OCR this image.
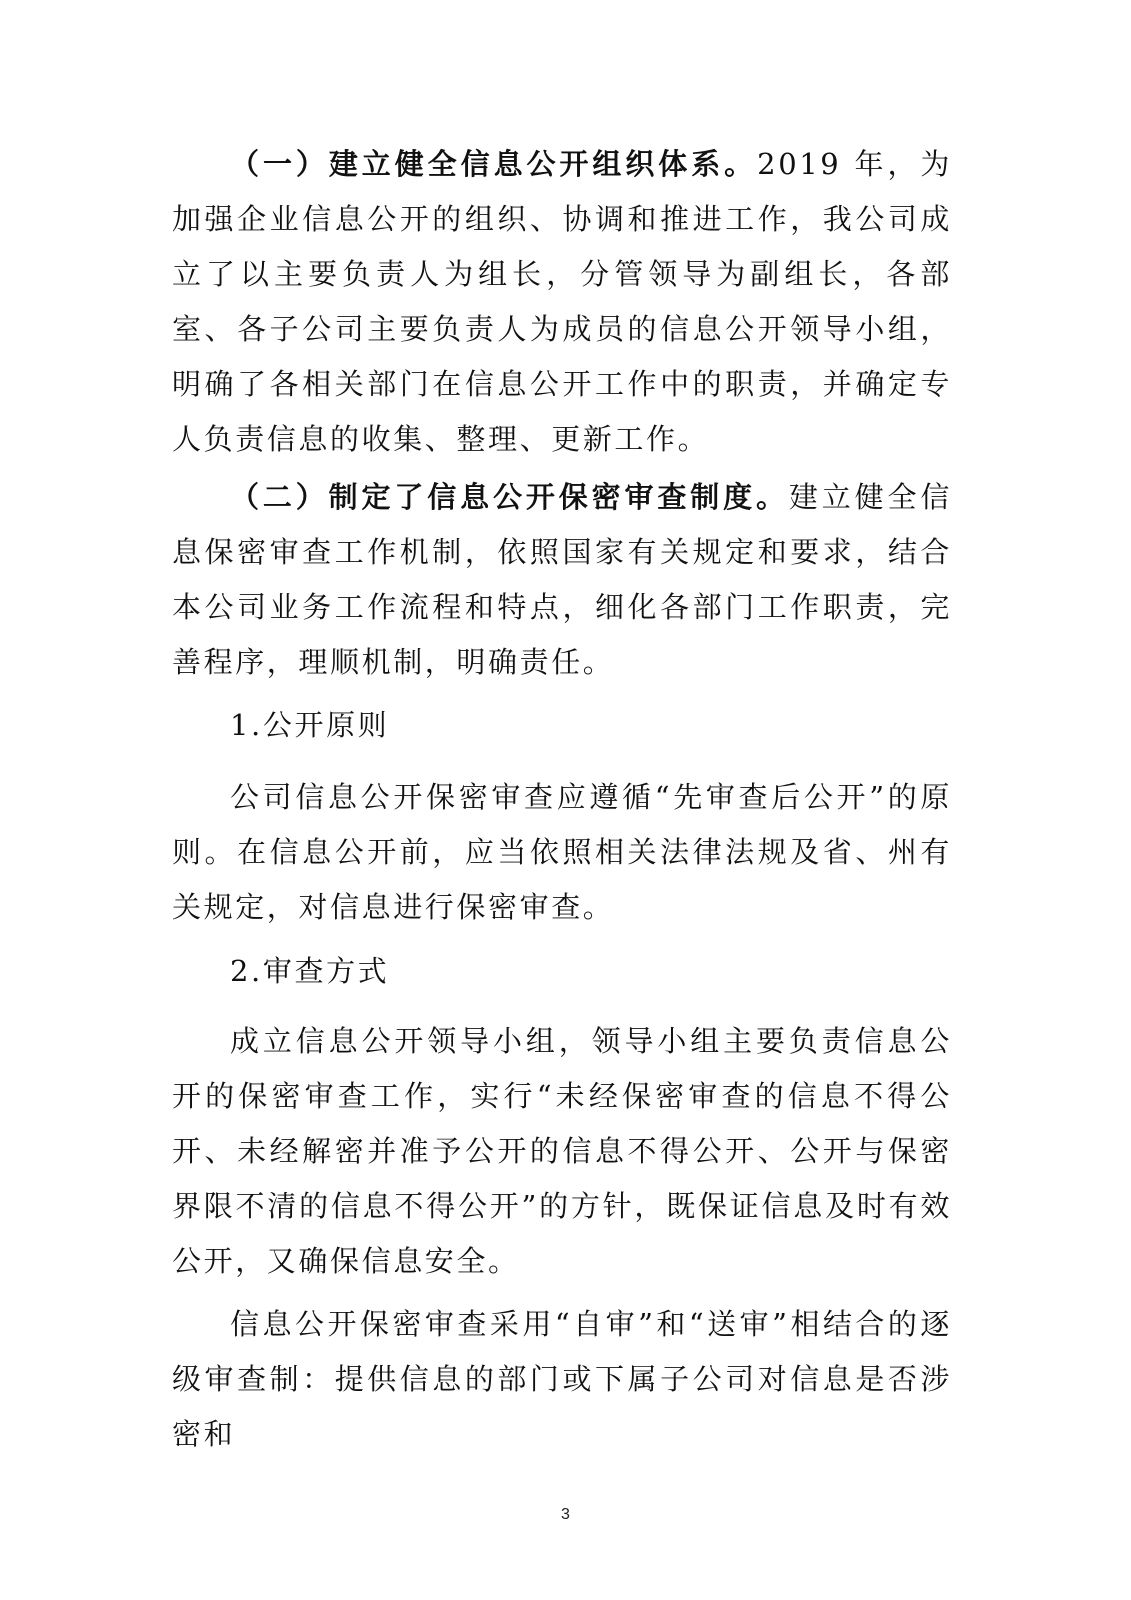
（一）建立健全信息公开组织体系。2019 年，为加强企业信息公开的组织、协调和推进工作，我公司成立了以主要负责人为组长，分管领导为副组长，各部室、各子公司主要负责人为成员的信息公开领导小组，明确了各相关部门在信息公开工作中的职责，并确定专人负责信息的收集、整理、更新工作。

（二）制定了信息公开保密审查制度。建立健全信息保密审查工作机制，依照国家有关规定和要求，结合本公司业务工作流程和特点，细化各部门工作职责，完善程序，理顺机制，明确责任。

1.公开原则

公司信息公开保密审查应遵循“先审查后公开”的原则。在信息公开前，应当依照相关法律法规及省、州有关规定，对信息进行保密审查。

2.审查方式

成立信息公开领导小组，领导小组主要负责信息公开的保密审查工作，实行“未经保密审查的信息不得公开、未经解密并准予公开的信息不得公开、公开与保密界限不清的信息不得公开”的方针，既保证信息及时有效公开，又确保信息安全。

信息公开保密审查采用“自审”和“送审”相结合的逐级审查制：提供信息的部门或下属子公司对信息是否涉密和

3
